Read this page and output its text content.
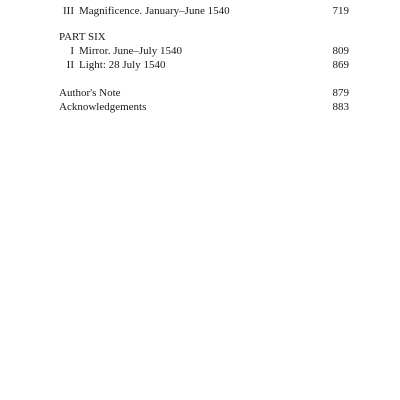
III Magnificence. January–June 1540	719
PART SIX
I Mirror. June–July 1540	809
II Light: 28 July 1540	869
Author's Note	879
Acknowledgements	883
